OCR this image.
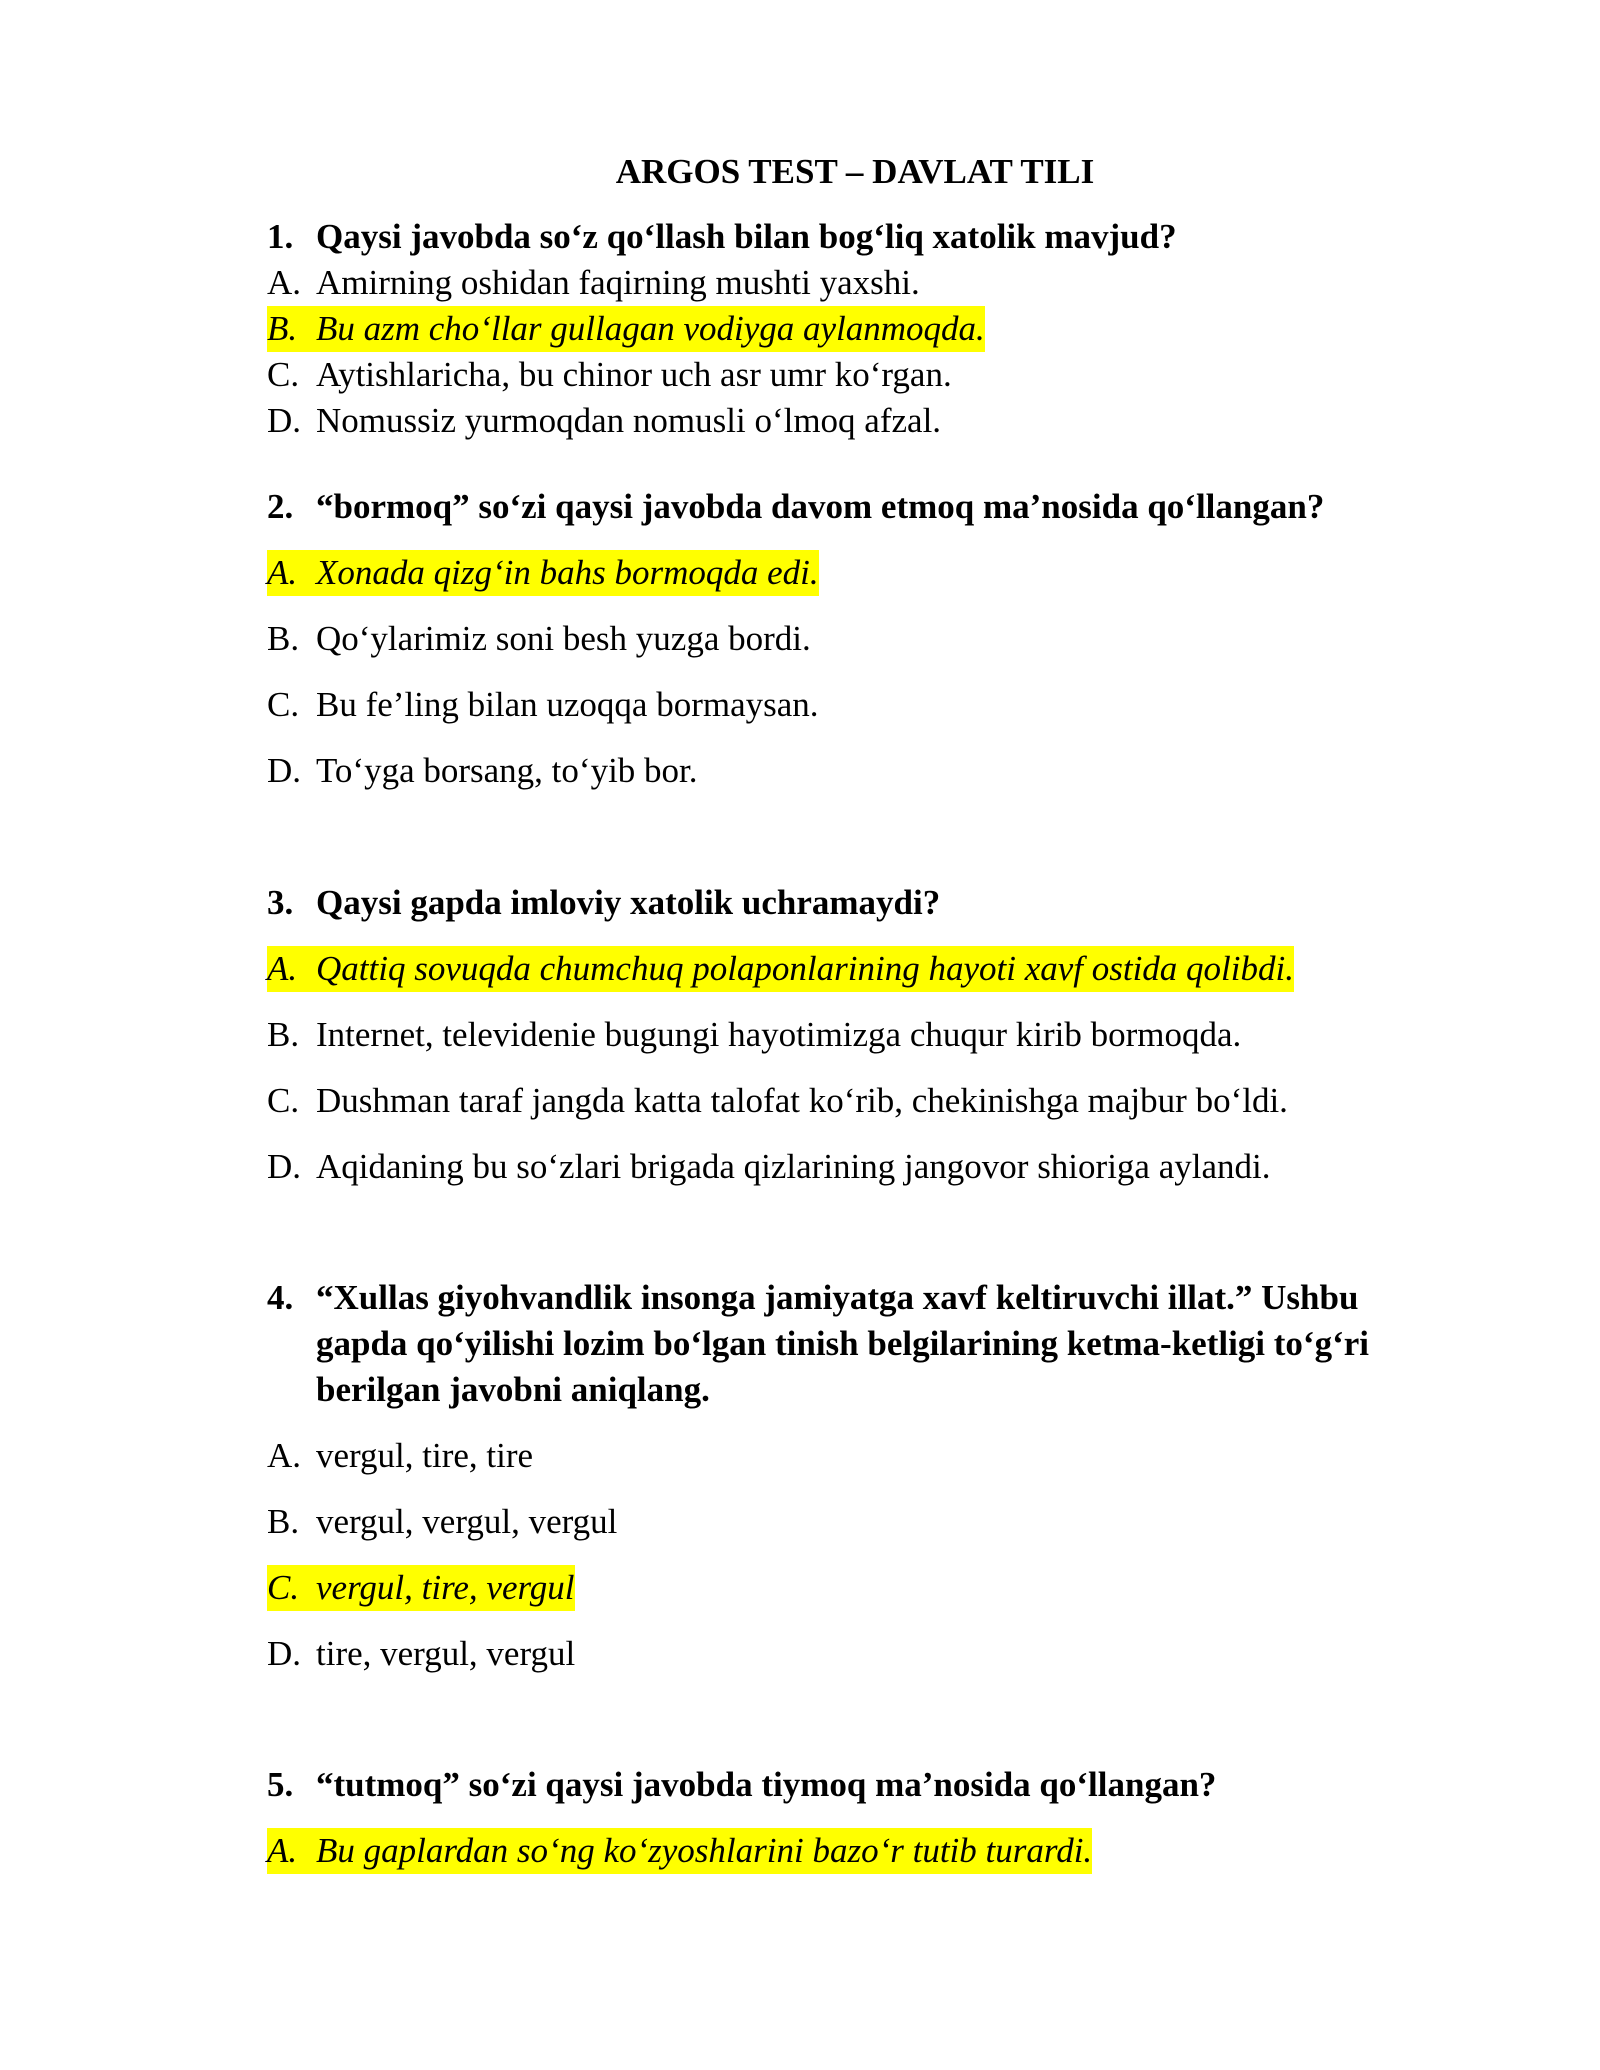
ARGOS TEST – DAVLAT TILI
1. Qaysi javobda so‘z qo‘llash bilan bog‘liq xatolik mavjud?
A. Amirning oshidan faqirning mushti yaxshi.
B. Bu azm cho‘llar gullagan vodiyga aylanmoqda.
C. Aytishlaricha, bu chinor uch asr umr ko‘rgan.
D. Nomussiz yurmoqdan nomusli o‘lmoq afzal.
2. “bormoq” so‘zi qaysi javobda davom etmoq ma’nosida qo‘llangan?
A. Xonada qizg‘in bahs bormoqda edi.
B. Qo‘ylarimiz soni besh yuzga bordi.
C. Bu fe’ling bilan uzoqqa bormaysan.
D. To‘yga borsang, to‘yib bor.
3. Qaysi gapda imloviy xatolik uchramaydi?
A. Qattiq sovuqda chumchuq polaponlarining hayoti xavf ostida qolibdi.
B. Internet, televidenie bugungi hayotimizga chuqur kirib bormoqda.
C. Dushman taraf jangda katta talofat ko‘rib, chekinishga majbur bo‘ldi.
D. Aqidaning bu so‘zlari brigada qizlarining jangovor shioriga aylandi.
4. “Xullas giyohvandlik insonga jamiyatga xavf keltiruvchi illat.” Ushbu gapda qo‘yilishi lozim bo‘lgan tinish belgilarining ketma-ketligi to‘g‘ri berilgan javobni aniqlang.
A. vergul, tire, tire
B. vergul, vergul, vergul
C. vergul, tire, vergul
D. tire, vergul, vergul
5. “tutmoq” so‘zi qaysi javobda tiymoq ma’nosida qo‘llangan?
A. Bu gaplardan so‘ng ko‘zyoshlarini bazo‘r tutib turardi.
